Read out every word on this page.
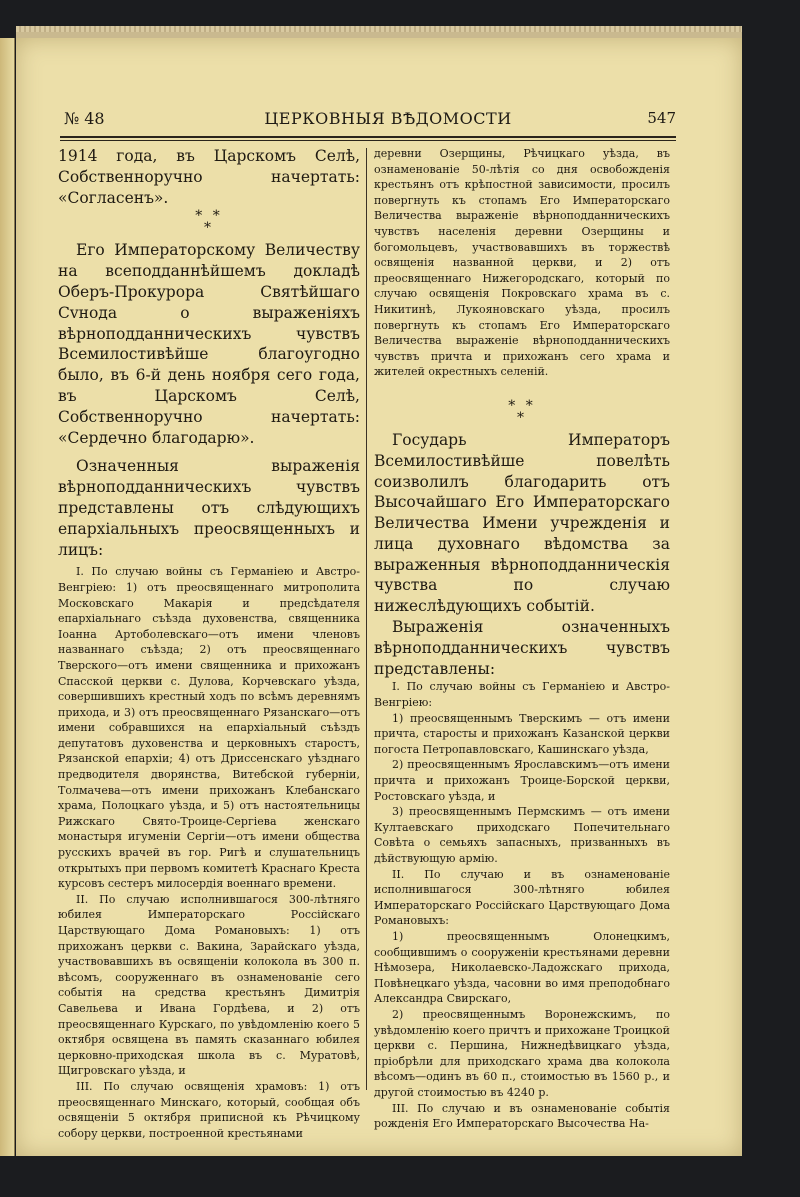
№ 48	ЦЕРКОВНЫЯ ВѢДОМОСТИ	547

1914 года, въ Царскомъ Селѣ, Собственноручно начертать: «Согласенъ».

* *
*

Его Императорскому Величеству на всеподданнѣйшемъ докладѣ Оберъ-Прокурора Святѣйшаго Сvнода о выраженіяхъ вѣрноподданническихъ чувствъ Всемилостивѣйше благоугодно было, въ 6-й день ноября сего года, въ Царскомъ Селѣ, Собственноручно начертать: «Сердечно благодарю».

Означенныя выраженія вѣрноподданническихъ чувствъ представлены отъ слѣдующихъ епархіальныхъ преосвященныхъ и лицъ:

I. По случаю войны съ Германіею и Австро-Венгріею: 1) отъ преосвященнаго митрополита Московскаго Макарія и предсѣдателя епархіальнаго съѣзда духовенства, священника Іоанна Артоболевскаго—отъ имени членовъ названнаго съѣзда; 2) отъ преосвященнаго Тверского—отъ имени священника и прихожанъ Спасской церкви с. Дулова, Корчевскаго уѣзда, совершившихъ крестный ходъ по всѣмъ деревнямъ прихода, и 3) отъ преосвященнаго Рязанскаго—отъ имени собравшихся на епархіальный съѣздъ депутатовъ духовенства и церковныхъ старостъ, Рязанской епархіи; 4) отъ Дриссенскаго уѣзднаго предводителя дворянства, Витебской губерніи, Толмачева—отъ имени прихожанъ Клебанскаго храма, Полоцкаго уѣзда, и 5) отъ настоятельницы Рижскаго Свято-Троице-Сергіева женскаго монастыря игуменіи Сергіи—отъ имени общества русскихъ врачей въ гор. Ригѣ и слушательницъ открытыхъ при первомъ комитетѣ Краснаго Креста курсовъ сестеръ милосердія военнаго времени.

II. По случаю исполнившагося 300-лѣтняго юбилея Императорскаго Россійскаго Царствующаго Дома Романовыхъ: 1) отъ прихожанъ церкви с. Вакина, Зарайскаго уѣзда, участвовавшихъ въ освященіи колокола въ 300 п. вѣсомъ, сооруженнаго въ ознаменованіе сего событія на средства крестьянъ Димитрія Савельева и Ивана Гордѣева, и 2) отъ преосвященнаго Курскаго, по увѣдомленію коего 5 октября освящена въ память сказаннаго юбилея церковно-приходская школа въ с. Муратовѣ, Щигровскаго уѣзда, и

III. По случаю освященія храмовъ: 1) отъ преосвященнаго Минскаго, который, сообщая объ освященіи 5 октября приписной къ Рѣчицкому собору церкви, построенной крестьянами

деревни Озерщины, Рѣчицкаго уѣзда, въ ознаменованіе 50-лѣтія со дня освобожденія крестьянъ отъ крѣпостной зависимости, просилъ повергнуть къ стопамъ Его Императорскаго Величества выраженіе вѣрноподданническихъ чувствъ населенія деревни Озерщины и богомольцевъ, участвовавшихъ въ торжествѣ освященія названной церкви, и 2) отъ преосвященнаго Нижегородскаго, который по случаю освященія Покровскаго храма въ с. Никитинѣ, Лукояновскаго уѣзда, просилъ повергнуть къ стопамъ Его Императорскаго Величества выраженіе вѣрноподданническихъ чувствъ причта и прихожанъ сего храма и жителей окрестныхъ селеній.

* *
*

Государь Императоръ Всемилостивѣйше повелѣть соизволилъ благодарить отъ Высочайшаго Его Императорскаго Величества Имени учрежденія и лица духовнаго вѣдомства за выраженныя вѣрноподданническія чувства по случаю нижеслѣдующихъ событій.

Выраженія означенныхъ вѣрноподданническихъ чувствъ представлены:

I. По случаю войны съ Германіею и Австро-Венгріею:

1) преосвященнымъ Тверскимъ — отъ имени причта, старосты и прихожанъ Казанской церкви погоста Петропавловскаго, Кашинскаго уѣзда,

2) преосвященнымъ Ярославскимъ—отъ имени причта и прихожанъ Троице-Борской церкви, Ростовскаго уѣзда, и

3) преосвященнымъ Пермскимъ — отъ имени Култаевскаго приходскаго Попечительнаго Совѣта о семьяхъ запасныхъ, призванныхъ въ дѣйствующую армію.

II. По случаю и въ ознаменованіе исполнившагося 300-лѣтняго юбилея Императорскаго Россійскаго Царствующаго Дома Романовыхъ:

1) преосвященнымъ Олонецкимъ, сообщившимъ о сооруженіи крестьянами деревни Нѣмозера, Николаевско-Ладожскаго прихода, Повѣнецкаго уѣзда, часовни во имя преподобнаго Александра Свирскаго,

2) преосвященнымъ Воронежскимъ, по увѣдомленію коего причтъ и прихожане Троицкой церкви с. Першина, Нижнедѣвицкаго уѣзда, пріобрѣли для приходскаго храма два колокола вѣсомъ—одинъ въ 60 п., стоимостью въ 1560 р., и другой стоимостью въ 4240 р.

III. По случаю и въ ознаменованіе событія рожденія Его Императорскаго Высочества На-
